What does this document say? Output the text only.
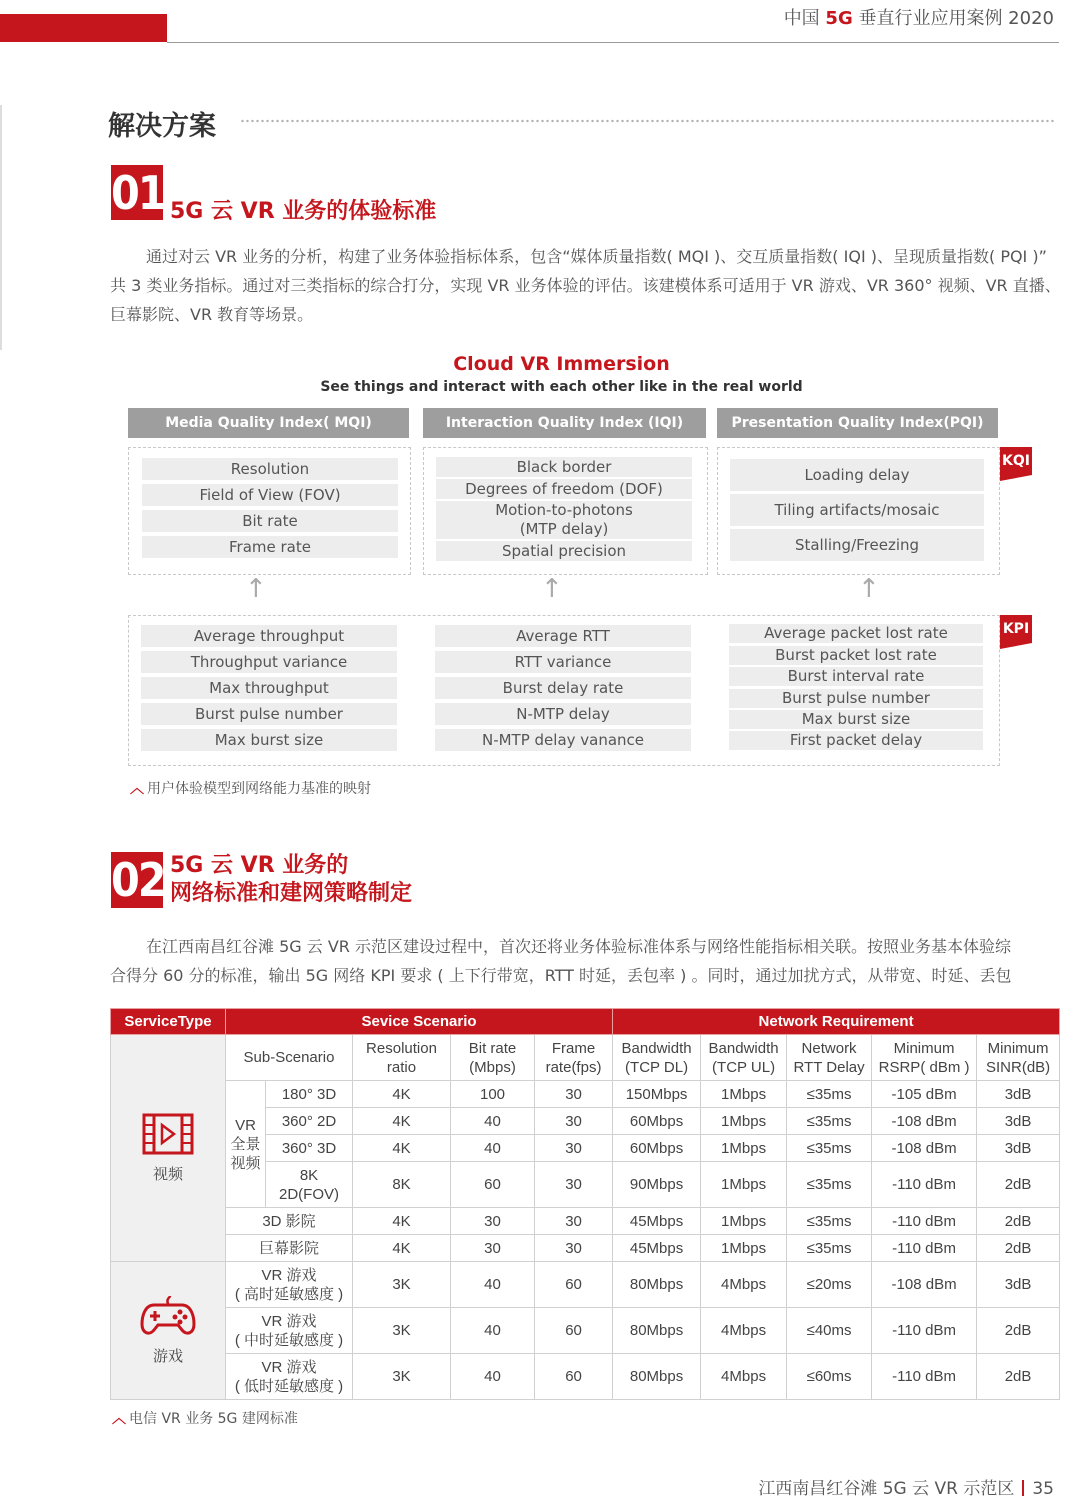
中国 5G 垂直行业应用案例 2020
解决方案
01 5G 云 VR 业务的体验标准
通过对云 VR 业务的分析，构建了业务体验指标体系，包含“媒体质量指数( MQI )、交互质量指数( IQI )、呈现质量指数( PQI )”
共 3 类业务指标。通过对三类指标的综合打分，实现 VR 业务体验的评估。该建模体系可适用于 VR 游戏、VR 360° 视频、VR 直播、
巨幕影院、VR 教育等场景。
Cloud VR Immersion
See things and interact with each other like in the real world
Media Quality Index( MQI)	Interaction Quality Index (IQI)	Presentation Quality Index(PQI)
Resolution
Field of View (FOV)
Bit rate
Frame rate
Black border
Degrees of freedom (DOF)
Motion-to-photons
(MTP delay)
Spatial precision
Loading delay
Tiling artifacts/mosaic
Stalling/Freezing
KQI
↑	↑	↑
Average throughput
Throughput variance
Max throughput
Burst pulse number
Max burst size
Average RTT
RTT variance
Burst delay rate
N-MTP delay
N-MTP delay vanance
Average packet lost rate
Burst packet lost rate
Burst interval rate
Burst pulse number
Max burst size
First packet delay
KPI
︿ 用户体验模型到网络能力基准的映射
02 5G 云 VR 业务的
网络标准和建网策略制定
在江西南昌红谷滩 5G 云 VR 示范区建设过程中，首次还将业务体验标准体系与网络性能指标相关联。按照业务基本体验综
合得分 60 分的标准，输出 5G 网络 KPI 要求 ( 上下行带宽，RTT 时延，丢包率 ) 。同时，通过加扰方式，从带宽、时延、丢包
ServiceType	Sevice Scenario					Network Requirement				

视频	Sub-Scenario		Resolution
ratio	Bit rate
(Mbps)	Frame
rate(fps)	Bandwidth
(TCP DL)	Bandwidth
(TCP UL)	Network
RTT Delay	Minimum
RSRP( dBm )	Minimum
SINR(dB)
	VR
全景
视频	180° 3D	4K	100	30	150Mbps	1Mbps	≤35ms	-105 dBm	3dB
		360° 2D	4K	40	30	60Mbps	1Mbps	≤35ms	-108 dBm	3dB
		360° 3D	4K	40	30	60Mbps	1Mbps	≤35ms	-108 dBm	3dB
		8K
2D(FOV)	8K	60	30	90Mbps	1Mbps	≤35ms	-110 dBm	2dB
	3D 影院		4K	30	30	45Mbps	1Mbps	≤35ms	-110 dBm	2dB
	巨幕影院		4K	30	30	45Mbps	1Mbps	≤35ms	-110 dBm	2dB

游戏	VR 游戏
( 高时延敏感度 )		3K	40	60	80Mbps	4Mbps	≤20ms	-108 dBm	3dB
	VR 游戏
( 中时延敏感度 )		3K	40	60	80Mbps	4Mbps	≤40ms	-110 dBm	2dB
	VR 游戏
( 低时延敏感度 )		3K	40	60	80Mbps	4Mbps	≤60ms	-110 dBm	2dB
︿ 电信 VR 业务 5G 建网标准
江西南昌红谷滩 5G 云 VR 示范区 35
